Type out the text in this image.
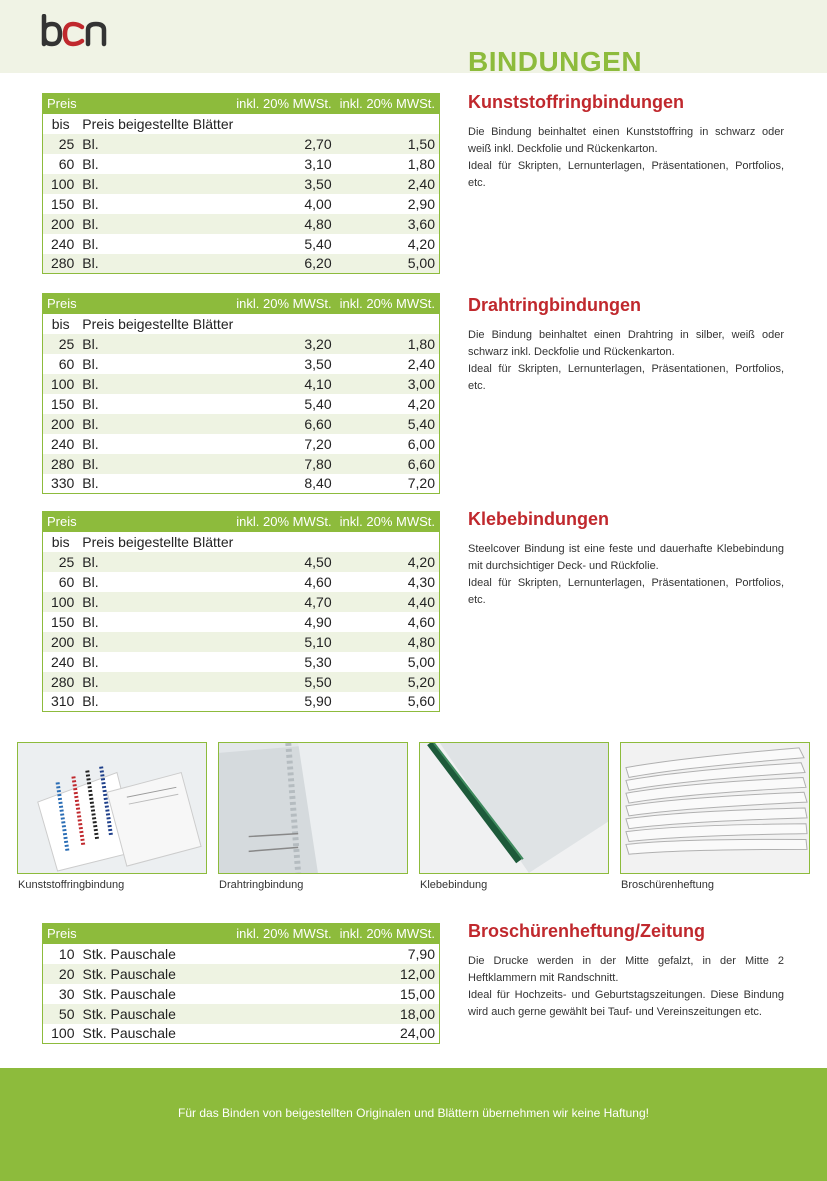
BINDUNGEN
Preis		inkl. 20% MWSt.	inkl. 20% MWSt.
bis	Preis beigestellte Blätter		
25	Bl.	2,70	1,50
60	Bl.	3,10	1,80
100	Bl.	3,50	2,40
150	Bl.	4,00	2,90
200	Bl.	4,80	3,60
240	Bl.	5,40	4,20
280	Bl.	6,20	5,00
Kunststoffringbindungen
Die Bindung beinhaltet einen Kunststoffring in schwarz oder weiß inkl. Deckfolie und Rückenkarton.
Ideal für Skripten, Lernunterlagen, Präsentationen, Portfolios, etc.
Preis		inkl. 20% MWSt.	inkl. 20% MWSt.
bis	Preis beigestellte Blätter		
25	Bl.	3,20	1,80
60	Bl.	3,50	2,40
100	Bl.	4,10	3,00
150	Bl.	5,40	4,20
200	Bl.	6,60	5,40
240	Bl.	7,20	6,00
280	Bl.	7,80	6,60
330	Bl.	8,40	7,20
Drahtringbindungen
Die Bindung beinhaltet einen Drahtring in silber, weiß oder schwarz inkl. Deckfolie und Rückenkarton.
Ideal für Skripten, Lernunterlagen, Präsentationen, Portfolios, etc.
Preis		inkl. 20% MWSt.	inkl. 20% MWSt.
bis	Preis beigestellte Blätter		
25	Bl.	4,50	4,20
60	Bl.	4,60	4,30
100	Bl.	4,70	4,40
150	Bl.	4,90	4,60
200	Bl.	5,10	4,80
240	Bl.	5,30	5,00
280	Bl.	5,50	5,20
310	Bl.	5,90	5,60
Klebebindungen
Steelcover Bindung ist eine feste und dauerhafte Klebebindung mit durchsichtiger Deck- und Rückfolie.
Ideal für Skripten, Lernunterlagen, Präsentationen, Portfolios, etc.
Kunststoffringbindung	Drahtringbindung	Klebebindung	Broschürenheftung
Preis		inkl. 20% MWSt.	inkl. 20% MWSt.
10	Stk. Pauschale		7,90
20	Stk. Pauschale		12,00
30	Stk. Pauschale		15,00
50	Stk. Pauschale		18,00
100	Stk. Pauschale		24,00
Broschürenheftung/Zeitung
Die Drucke werden in der Mitte gefalzt, in der Mitte 2 Heftklammern mit Randschnitt.
Ideal für Hochzeits- und Geburtstagszeitungen. Diese Bindung wird auch gerne gewählt bei Tauf- und Vereinszeitungen etc.
Für das Binden von beigestellten Originalen und Blättern übernehmen wir keine Haftung!
